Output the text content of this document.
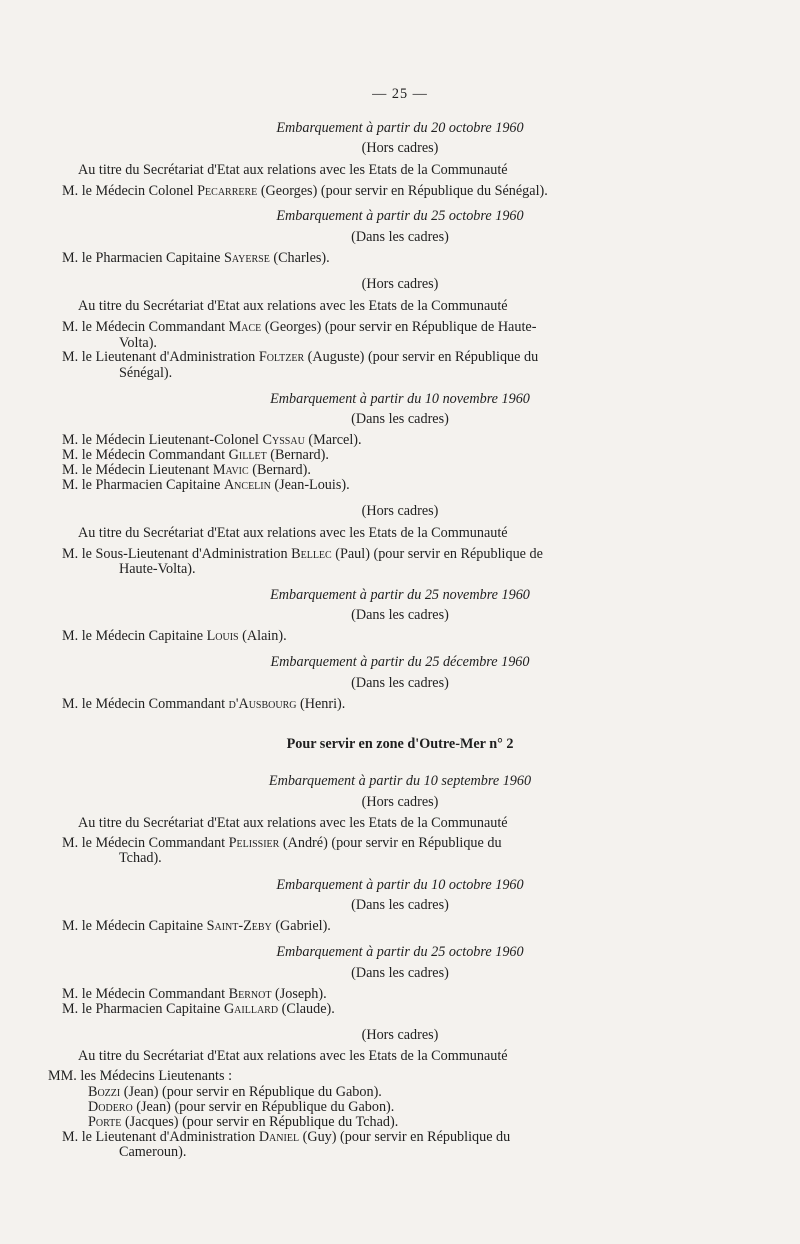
— 25 —
Embarquement à partir du 20 octobre 1960
(Hors cadres)
Au titre du Secrétariat d'Etat aux relations avec les Etats de la Communauté
M. le Médecin Colonel Pecarrere (Georges) (pour servir en République du Sénégal).
Embarquement à partir du 25 octobre 1960
(Dans les cadres)
M. le Pharmacien Capitaine Sayerse (Charles).
(Hors cadres)
Au titre du Secrétariat d'Etat aux relations avec les Etats de la Communauté
M. le Médecin Commandant Mace (Georges) (pour servir en République de Haute-
Volta).
M. le Lieutenant d'Administration Foltzer (Auguste) (pour servir en République du
Sénégal).
Embarquement à partir du 10 novembre 1960
(Dans les cadres)
M. le Médecin Lieutenant-Colonel Cyssau (Marcel).
M. le Médecin Commandant Gillet (Bernard).
M. le Médecin Lieutenant Mavic (Bernard).
M. le Pharmacien Capitaine Ancelin (Jean-Louis).
(Hors cadres)
Au titre du Secrétariat d'Etat aux relations avec les Etats de la Communauté
M. le Sous-Lieutenant d'Administration Bellec (Paul) (pour servir en République de
Haute-Volta).
Embarquement à partir du 25 novembre 1960
(Dans les cadres)
M. le Médecin Capitaine Louis (Alain).
Embarquement à partir du 25 décembre 1960
(Dans les cadres)
M. le Médecin Commandant d'Ausbourg (Henri).
Pour servir en zone d'Outre-Mer n° 2
Embarquement à partir du 10 septembre 1960
(Hors cadres)
Au titre du Secrétariat d'Etat aux relations avec les Etats de la Communauté
M. le Médecin Commandant Pelissier (André) (pour servir en République du
Tchad).
Embarquement à partir du 10 octobre 1960
(Dans les cadres)
M. le Médecin Capitaine Saint-Zeby (Gabriel).
Embarquement à partir du 25 octobre 1960
(Dans les cadres)
M. le Médecin Commandant Bernot (Joseph).
M. le Pharmacien Capitaine Gaillard (Claude).
(Hors cadres)
Au titre du Secrétariat d'Etat aux relations avec les Etats de la Communauté
MM. les Médecins Lieutenants :
Bozzi (Jean) (pour servir en République du Gabon).
Dodero (Jean) (pour servir en République du Gabon).
Porte (Jacques) (pour servir en République du Tchad).
M. le Lieutenant d'Administration Daniel (Guy) (pour servir en République du
Cameroun).
